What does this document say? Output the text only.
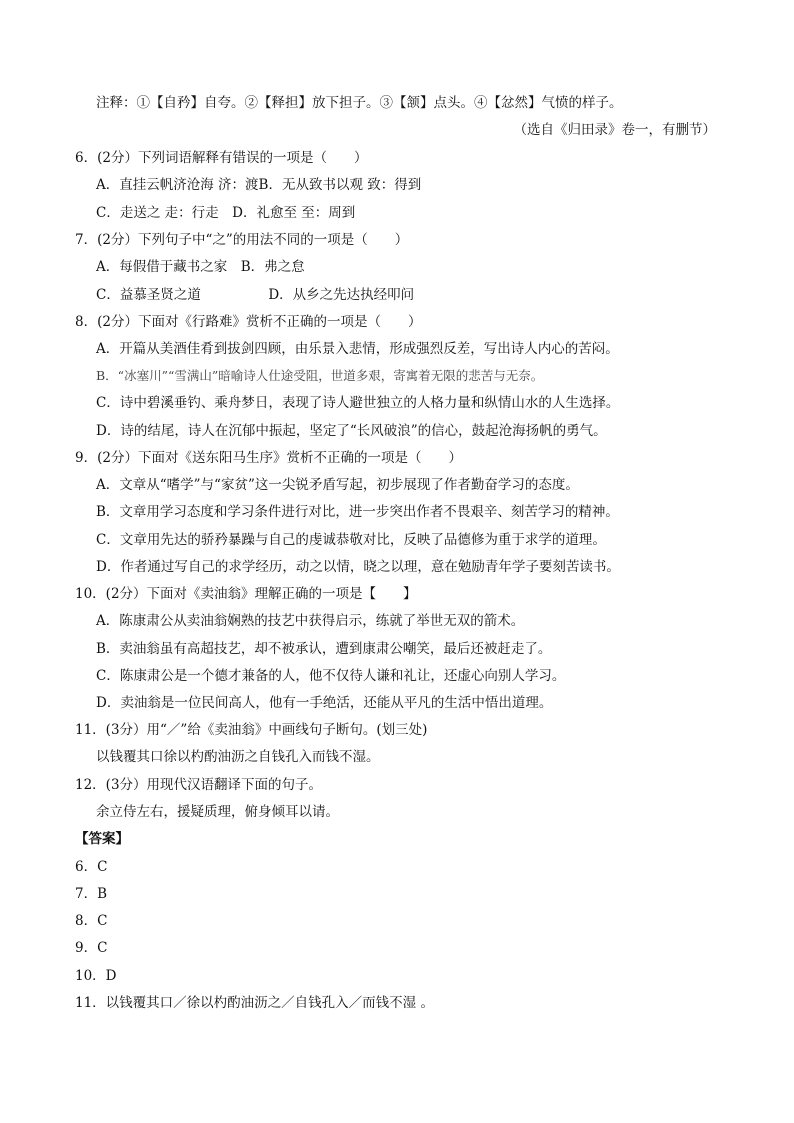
注释：①【自矜】自夸。②【释担】放下担子。③【颔】点头。④【忿然】气愤的样子。
（选自《归田录》卷一，有删节）
6．(2分）下列词语解释有错误的一项是（　　）
A．直挂云帆济沧海 济：渡B．无从致书以观 致：得到
C．走送之 走：行走　D．礼愈至 至：周到
7．(2分）下列句子中“之”的用法不同的一项是（　　）
A．每假借于藏书之家　B．弗之怠
C．益慕圣贤之道　　　　　D．从乡之先达执经叩问
8．(2分）下面对《行路难》赏析不正确的一项是（　　）
A．开篇从美酒佳肴到拔剑四顾，由乐景入悲情，形成强烈反差，写出诗人内心的苦闷。
B．“冰塞川”“雪满山”暗喻诗人仕途受阻，世道多艰，寄寓着无限的悲苦与无奈。
C．诗中碧溪垂钓、乘舟梦日，表现了诗人避世独立的人格力量和纵情山水的人生选择。
D．诗的结尾，诗人在沉郁中振起，坚定了“长风破浪”的信心，鼓起沧海扬帆的勇气。
9．(2分）下面对《送东阳马生序》赏析不正确的一项是（　　）
A．文章从“嗜学”与“家贫”这一尖锐矛盾写起，初步展现了作者勤奋学习的态度。
B．文章用学习态度和学习条件进行对比，进一步突出作者不畏艰辛、刻苦学习的精神。
C．文章用先达的骄矜暴躁与自己的虔诚恭敬对比，反映了品德修为重于求学的道理。
D．作者通过写自己的求学经历，动之以情，晓之以理，意在勉励青年学子要刻苦读书。
10．(2分）下面对《卖油翁》理解正确的一项是【　　】
A．陈康肃公从卖油翁娴熟的技艺中获得启示，练就了举世无双的箭术。
B．卖油翁虽有高超技艺，却不被承认，遭到康肃公嘲笑，最后还被赶走了。
C．陈康肃公是一个德才兼备的人，他不仅待人谦和礼让，还虚心向别人学习。
D．卖油翁是一位民间高人，他有一手绝活，还能从平凡的生活中悟出道理。
11．(3分）用“／”给《卖油翁》中画线句子断句。(划三处)
以钱覆其口徐以杓酌油沥之自钱孔入而钱不湿。
12．(3分）用现代汉语翻译下面的句子。
余立侍左右，援疑质理，俯身倾耳以请。
【答案】
6．C
7．B
8．C
9．C
10．D
11．以钱覆其口／徐以杓酌油沥之／自钱孔入／而钱不湿 。
